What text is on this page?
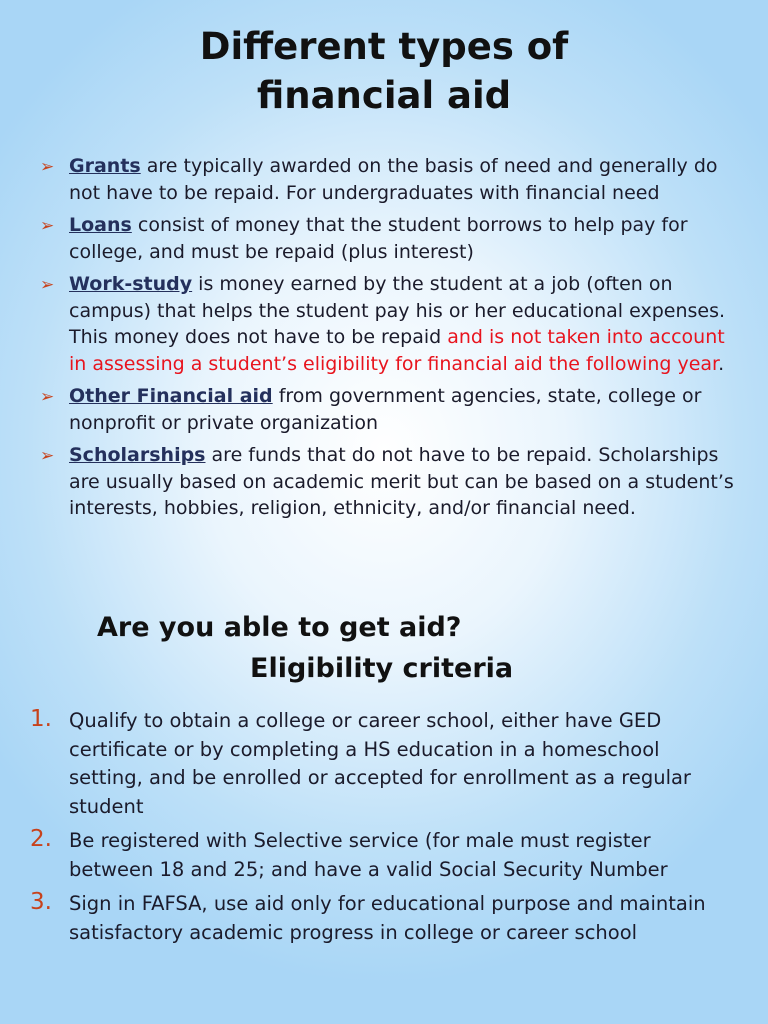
Different types of
financial aid
➢ Grants are typically awarded on the basis of need and generally do not have to be repaid. For undergraduates with financial need
➢ Loans consist of money that the student borrows to help pay for college, and must be repaid (plus interest)
➢ Work-study is money earned by the student at a job (often on campus) that helps the student pay his or her educational expenses. This money does not have to be repaid and is not taken into account in assessing a student’s eligibility for financial aid the following year.
➢ Other Financial aid from government agencies, state, college or nonprofit or private organization
➢ Scholarships are funds that do not have to be repaid. Scholarships are usually based on academic merit but can be based on a student’s interests, hobbies, religion, ethnicity, and/or financial need.
Are you able to get aid?
Eligibility criteria
1. Qualify to obtain a college or career school, either have GED certificate or by completing a HS education in a homeschool setting, and be enrolled or accepted for enrollment as a regular student
2. Be registered with Selective service (for male must register between 18 and 25; and have a valid Social Security Number
3. Sign in FAFSA, use aid only for educational purpose and maintain satisfactory academic progress in college or career school
